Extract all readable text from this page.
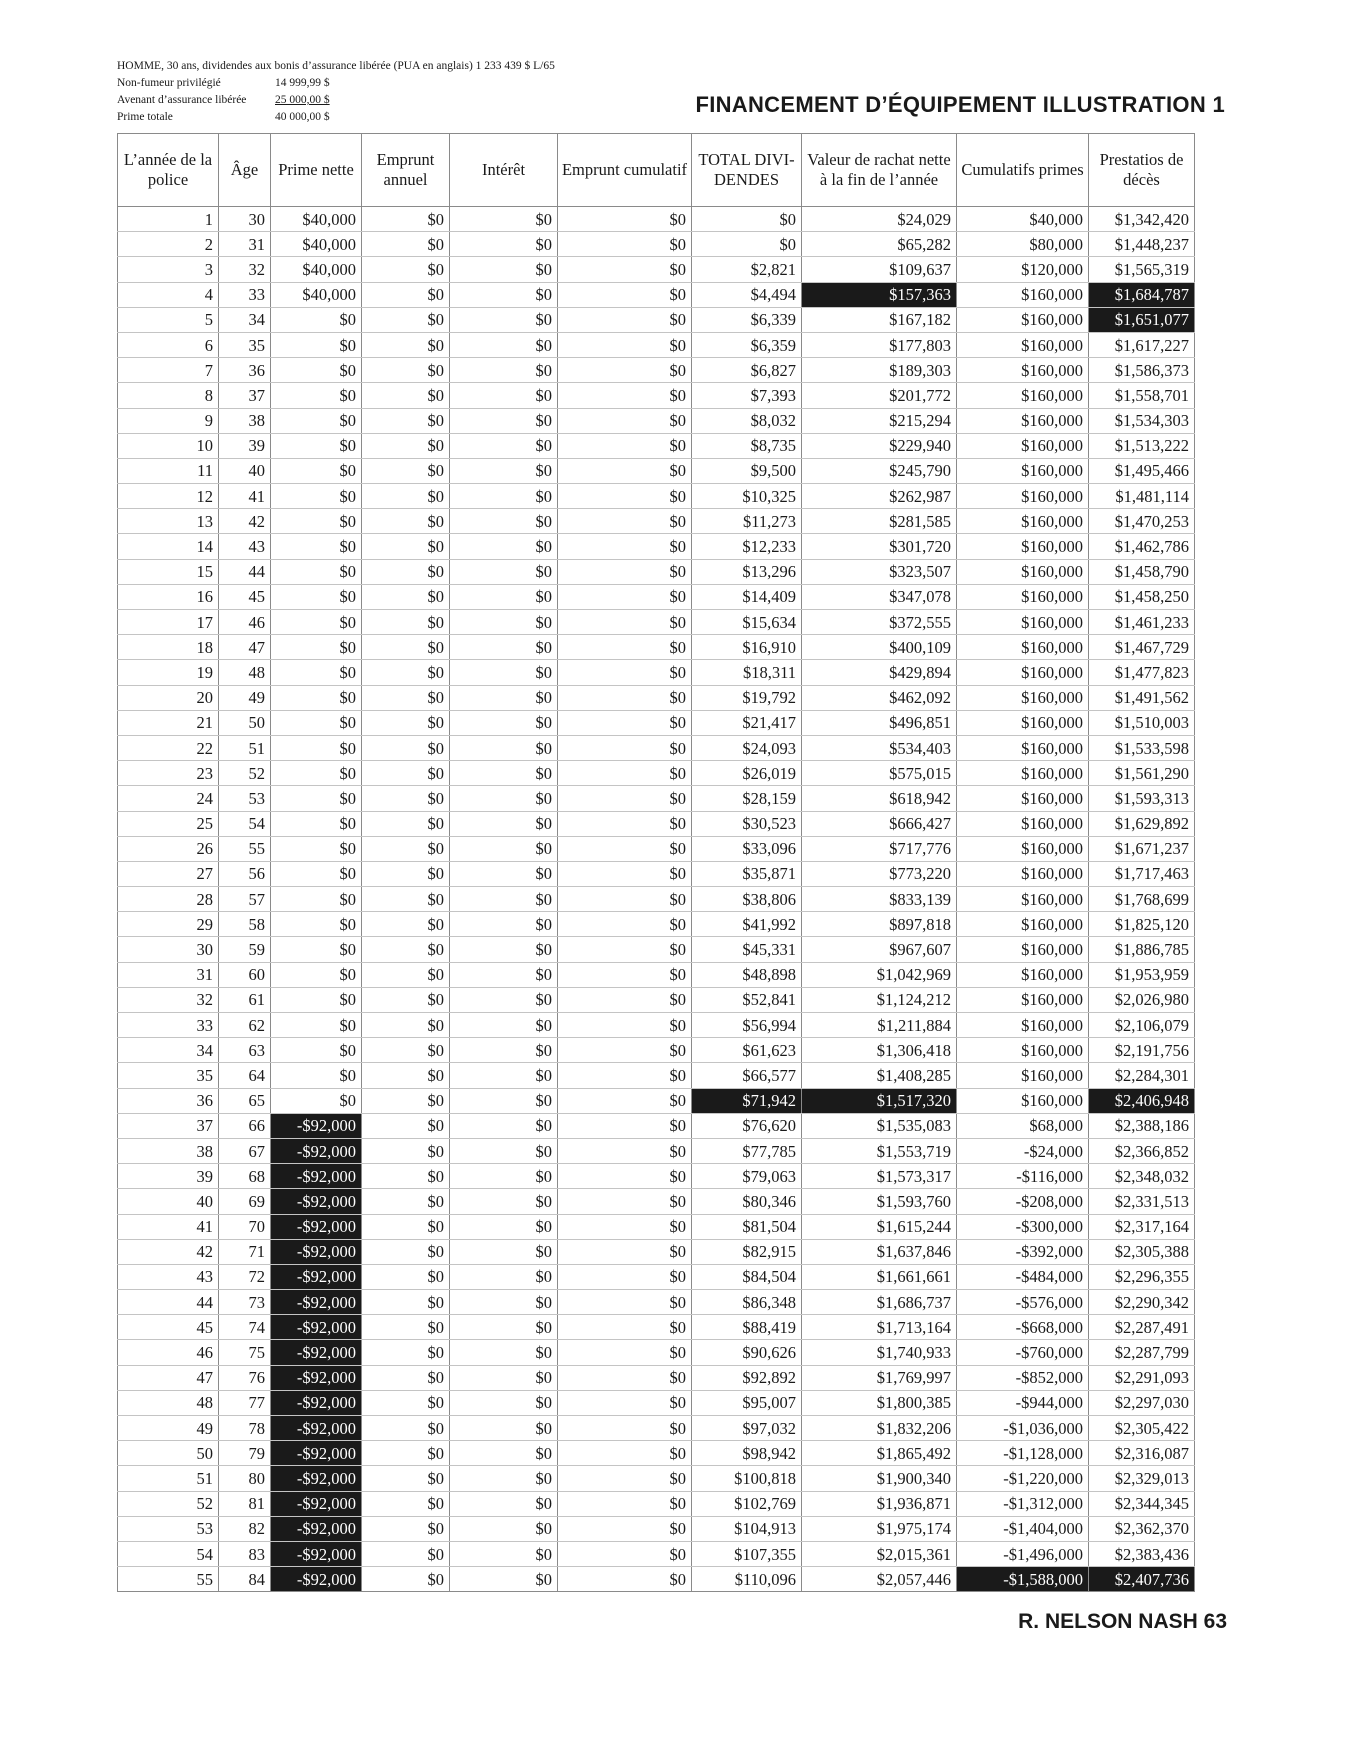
HOMME, 30 ans, dividendes aux bonis d’assurance libérée (PUA en anglais) 1 233 439 $ L/65
Non-fumeur privilégié	14 999,99 $
Avenant d’assurance libérée 25 000,00 $
Prime totale	40 000,00 $	FINANCEMENT D’ÉQUIPEMENT ILLUSTRATION 1
L’année de la police	Âge	Prime nette	Emprunt annuel	Intérêt	Emprunt cumulatif	TOTAL DIVI- DENDES	Valeur de rachat nette à la fin de l’année	Cumulatifs primes	Prestatios de décès
1	30	$40,000	$0	$0	$0	$0	$24,029	$40,000	$1,342,420
2	31	$40,000	$0	$0	$0	$0	$65,282	$80,000	$1,448,237
3	32	$40,000	$0	$0	$0	$2,821	$109,637	$120,000	$1,565,319
4	33	$40,000	$0	$0	$0	$4,494	$157,363	$160,000	$1,684,787
5	34	$0	$0	$0	$0	$6,339	$167,182	$160,000	$1,651,077
6	35	$0	$0	$0	$0	$6,359	$177,803	$160,000	$1,617,227
7	36	$0	$0	$0	$0	$6,827	$189,303	$160,000	$1,586,373
8	37	$0	$0	$0	$0	$7,393	$201,772	$160,000	$1,558,701
9	38	$0	$0	$0	$0	$8,032	$215,294	$160,000	$1,534,303
10	39	$0	$0	$0	$0	$8,735	$229,940	$160,000	$1,513,222
11	40	$0	$0	$0	$0	$9,500	$245,790	$160,000	$1,495,466
12	41	$0	$0	$0	$0	$10,325	$262,987	$160,000	$1,481,114
13	42	$0	$0	$0	$0	$11,273	$281,585	$160,000	$1,470,253
14	43	$0	$0	$0	$0	$12,233	$301,720	$160,000	$1,462,786
15	44	$0	$0	$0	$0	$13,296	$323,507	$160,000	$1,458,790
16	45	$0	$0	$0	$0	$14,409	$347,078	$160,000	$1,458,250
17	46	$0	$0	$0	$0	$15,634	$372,555	$160,000	$1,461,233
18	47	$0	$0	$0	$0	$16,910	$400,109	$160,000	$1,467,729
19	48	$0	$0	$0	$0	$18,311	$429,894	$160,000	$1,477,823
20	49	$0	$0	$0	$0	$19,792	$462,092	$160,000	$1,491,562
21	50	$0	$0	$0	$0	$21,417	$496,851	$160,000	$1,510,003
22	51	$0	$0	$0	$0	$24,093	$534,403	$160,000	$1,533,598
23	52	$0	$0	$0	$0	$26,019	$575,015	$160,000	$1,561,290
24	53	$0	$0	$0	$0	$28,159	$618,942	$160,000	$1,593,313
25	54	$0	$0	$0	$0	$30,523	$666,427	$160,000	$1,629,892
26	55	$0	$0	$0	$0	$33,096	$717,776	$160,000	$1,671,237
27	56	$0	$0	$0	$0	$35,871	$773,220	$160,000	$1,717,463
28	57	$0	$0	$0	$0	$38,806	$833,139	$160,000	$1,768,699
29	58	$0	$0	$0	$0	$41,992	$897,818	$160,000	$1,825,120
30	59	$0	$0	$0	$0	$45,331	$967,607	$160,000	$1,886,785
31	60	$0	$0	$0	$0	$48,898	$1,042,969	$160,000	$1,953,959
32	61	$0	$0	$0	$0	$52,841	$1,124,212	$160,000	$2,026,980
33	62	$0	$0	$0	$0	$56,994	$1,211,884	$160,000	$2,106,079
34	63	$0	$0	$0	$0	$61,623	$1,306,418	$160,000	$2,191,756
35	64	$0	$0	$0	$0	$66,577	$1,408,285	$160,000	$2,284,301
36	65	$0	$0	$0	$0	$71,942	$1,517,320	$160,000	$2,406,948
37	66	-$92,000	$0	$0	$0	$76,620	$1,535,083	$68,000	$2,388,186
38	67	-$92,000	$0	$0	$0	$77,785	$1,553,719	-$24,000	$2,366,852
39	68	-$92,000	$0	$0	$0	$79,063	$1,573,317	-$116,000	$2,348,032
40	69	-$92,000	$0	$0	$0	$80,346	$1,593,760	-$208,000	$2,331,513
41	70	-$92,000	$0	$0	$0	$81,504	$1,615,244	-$300,000	$2,317,164
42	71	-$92,000	$0	$0	$0	$82,915	$1,637,846	-$392,000	$2,305,388
43	72	-$92,000	$0	$0	$0	$84,504	$1,661,661	-$484,000	$2,296,355
44	73	-$92,000	$0	$0	$0	$86,348	$1,686,737	-$576,000	$2,290,342
45	74	-$92,000	$0	$0	$0	$88,419	$1,713,164	-$668,000	$2,287,491
46	75	-$92,000	$0	$0	$0	$90,626	$1,740,933	-$760,000	$2,287,799
47	76	-$92,000	$0	$0	$0	$92,892	$1,769,997	-$852,000	$2,291,093
48	77	-$92,000	$0	$0	$0	$95,007	$1,800,385	-$944,000	$2,297,030
49	78	-$92,000	$0	$0	$0	$97,032	$1,832,206	-$1,036,000	$2,305,422
50	79	-$92,000	$0	$0	$0	$98,942	$1,865,492	-$1,128,000	$2,316,087
51	80	-$92,000	$0	$0	$0	$100,818	$1,900,340	-$1,220,000	$2,329,013
52	81	-$92,000	$0	$0	$0	$102,769	$1,936,871	-$1,312,000	$2,344,345
53	82	-$92,000	$0	$0	$0	$104,913	$1,975,174	-$1,404,000	$2,362,370
54	83	-$92,000	$0	$0	$0	$107,355	$2,015,361	-$1,496,000	$2,383,436
55	84	-$92,000	$0	$0	$0	$110,096	$2,057,446	-$1,588,000	$2,407,736
R. NELSON NASH 63
